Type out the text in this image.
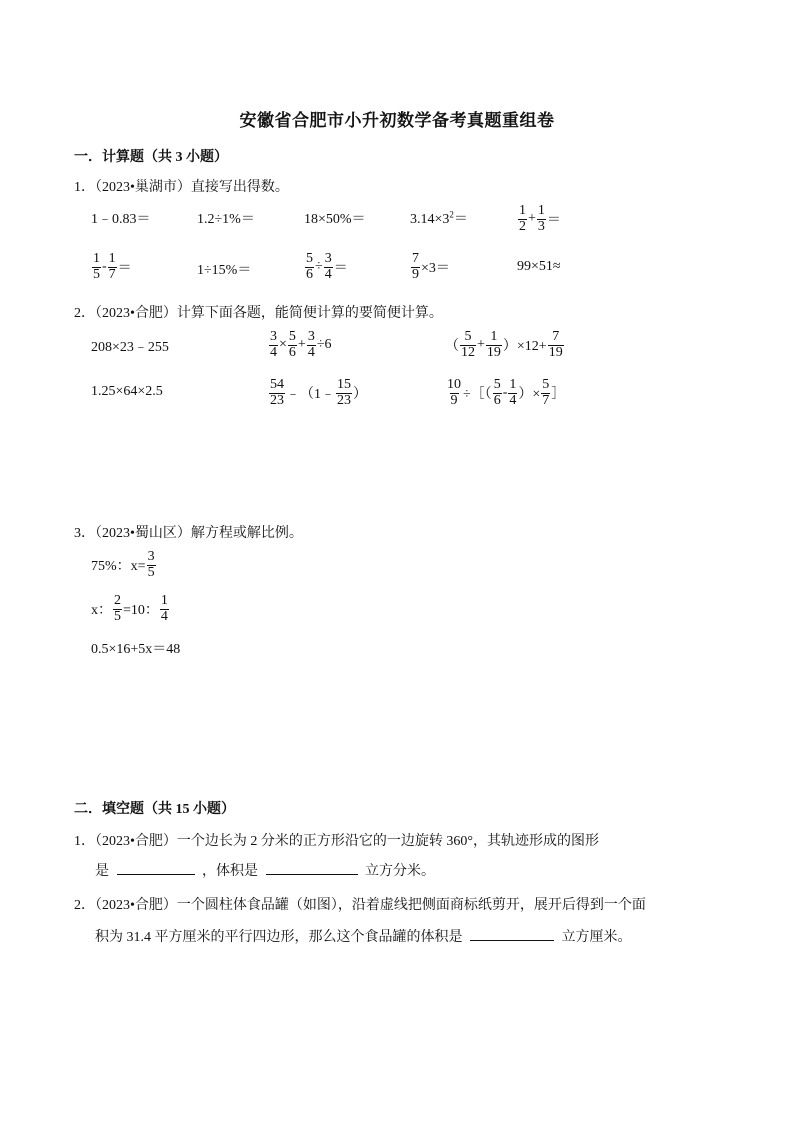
安徽省合肥市小升初数学备考真题重组卷
一．计算题（共 3 小题）
1．（2023•巢湖市）直接写出得数。
1﹣0.83＝	1.2÷1%＝	18×50%＝	$3.14\times 3^2=$	$\frac{1}{2} + \frac{1}{3}$ ＝
$\frac{1}{5} - \frac{1}{7}$ ＝	1÷15%＝	$\frac{5}{6} \div \frac{3}{4}$ ＝	$\frac{7}{9} \times 3=$	99×51≈
2．（2023•合肥）计算下面各题，能简便计算的要简便计算。
208×23﹣255	$\frac{3}{4} \times \frac{5}{6} + \frac{3}{4} \div 6$	（ $\frac{5}{12} + \frac{1}{19} )\times 12+ \frac{7}{19}$
1.25×64×2.5	$\frac{54}{23}$ ﹣（1﹣ $\frac{15}{23}$ ）	$\frac{10}{9}$ ÷［（ $\frac{5}{6} - \frac{1}{4}$ ）× $\frac{5}{7}$ ］
3．（2023•蜀山区）解方程或解比例。
75%：$x= \frac{3}{5}$
x： $\frac{2}{5} =10$： $\frac{1}{4}$
0.5×16+5x＝48
二．填空题（共 15 小题）
1．（2023•合肥）一个边长为 2 分米的正方形沿它的一边旋转 360°，其轨迹形成的图形
是	，体积是	立方分米。
2．（2023•合肥）一个圆柱体食品罐（如图），沿着虚线把侧面商标纸剪开，展开后得到一个面
积为 31.4 平方厘米的平行四边形，那么这个食品罐的体积是	立方厘米。
